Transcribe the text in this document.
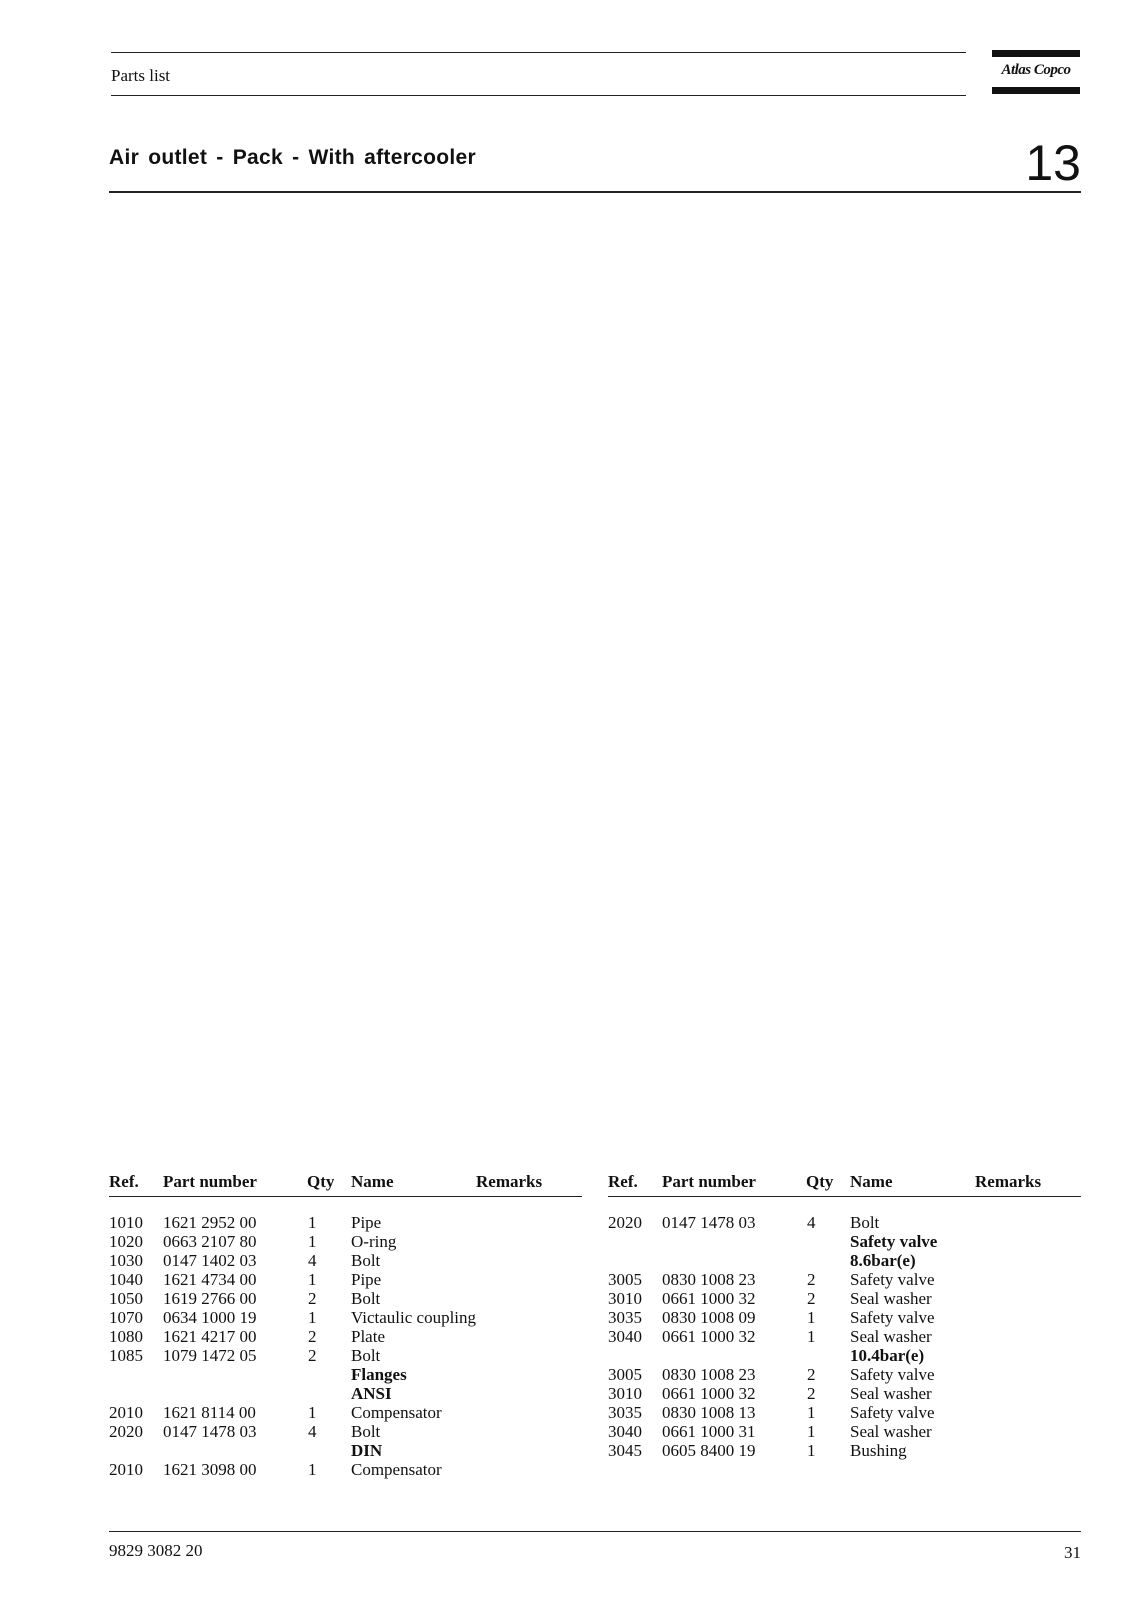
Parts list	Atlas Copco
Air outlet - Pack - With aftercooler	13
Ref. Part number	Qty Name	Remarks
1010 1621 2952 00	1 Pipe
1020 0663 2107 80	1 O-ring
1030 0147 1402 03	4 Bolt
1040 1621 4734 00	1 Pipe
1050 1619 2766 00	2 Bolt
1070 0634 1000 19	1 Victaulic coupling
1080 1621 4217 00	2 Plate
1085 1079 1472 05	2 Bolt
Flanges
ANSI
2010 1621 8114 00	1 Compensator
2020 0147 1478 03	4 Bolt
DIN
2010 1621 3098 00	1 Compensator
Ref. Part number	Qty Name	Remarks
2020 0147 1478 03	4 Bolt
Safety valve
8.6bar(e)
3005 0830 1008 23	2 Safety valve
3010 0661 1000 32	2 Seal washer
3035 0830 1008 09	1 Safety valve
3040 0661 1000 32	1 Seal washer
10.4bar(e)
3005 0830 1008 23	2 Safety valve
3010 0661 1000 32	2 Seal washer
3035 0830 1008 13	1 Safety valve
3040 0661 1000 31	1 Seal washer
3045 0605 8400 19	1 Bushing
9829 3082 20	31
